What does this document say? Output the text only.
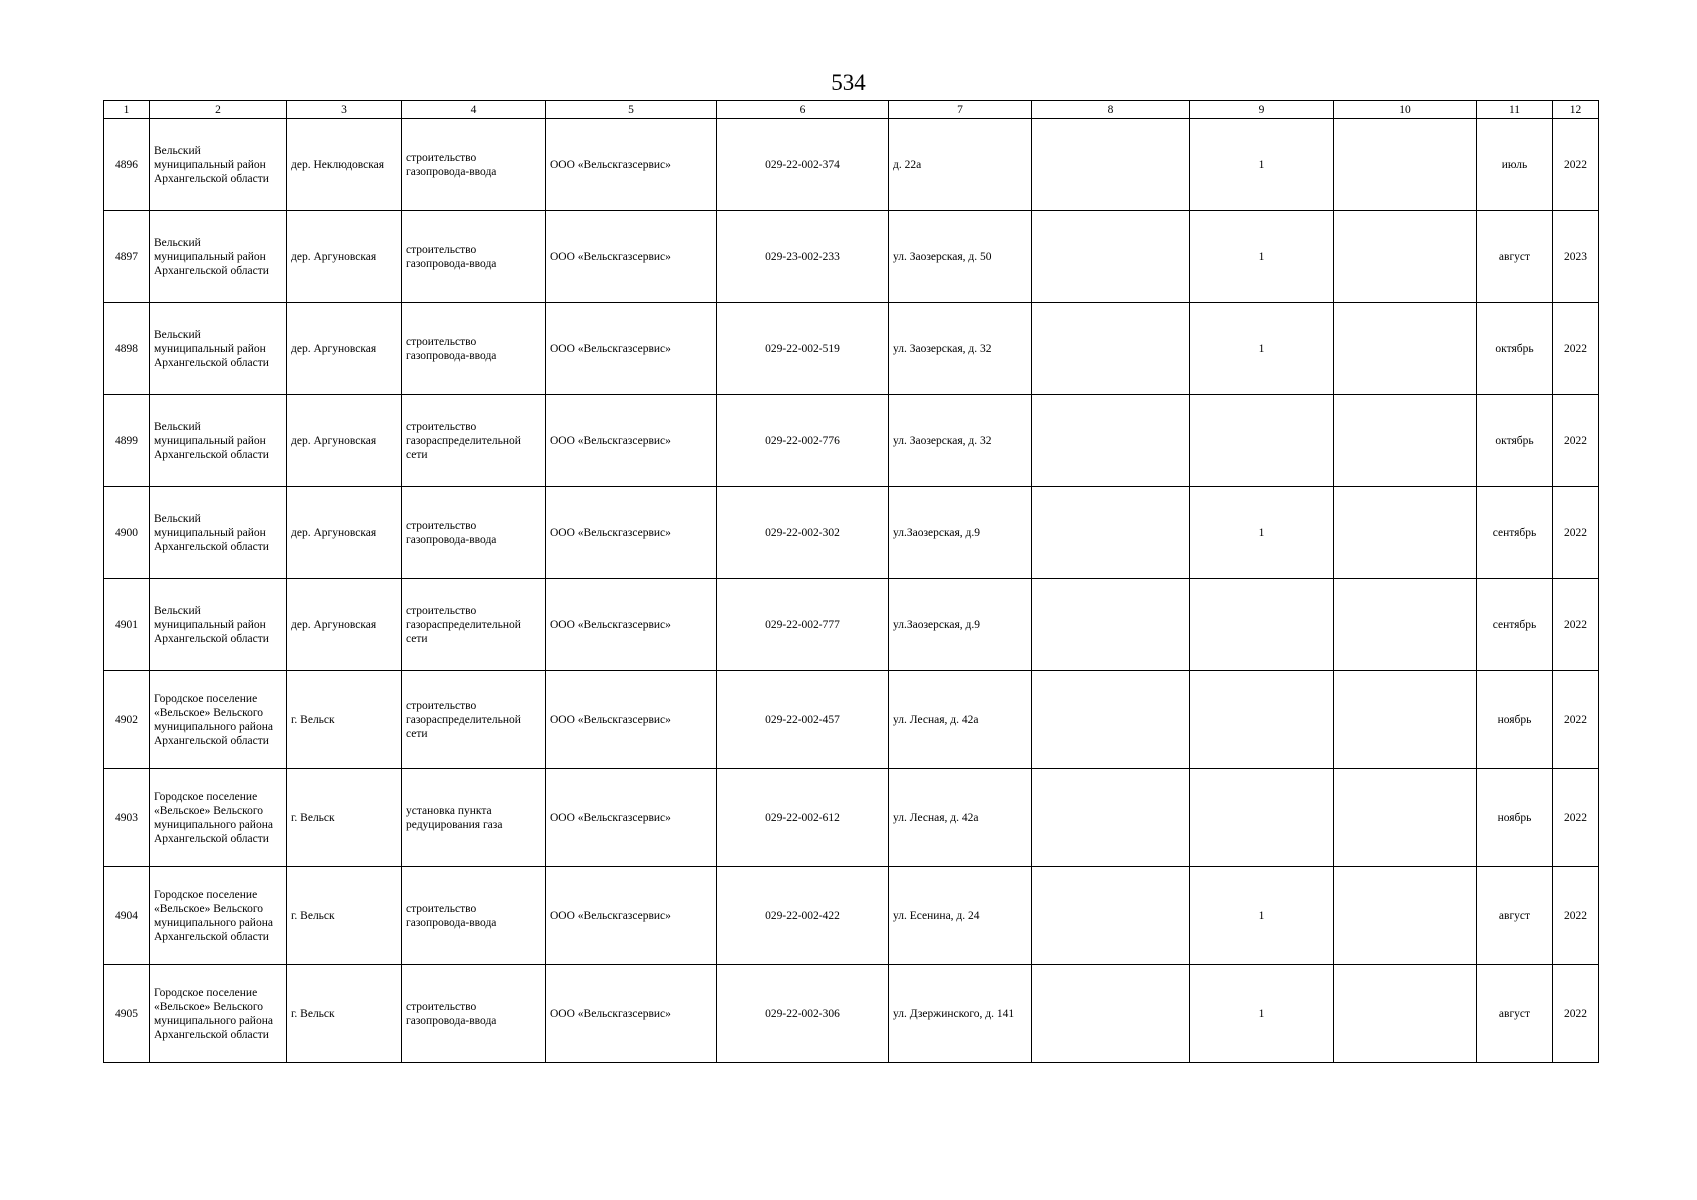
534
1	2	3	4	5	6	7	8	9	10	11	12
4896	Вельский муниципальный район Архангельской области	дер. Неклюдовская	строительство газопровода-ввода	ООО «Вельскгазсервис»	029-22-002-374	д. 22а		1		июль	2022
4897	Вельский муниципальный район Архангельской области	дер. Аргуновская	строительство газопровода-ввода	ООО «Вельскгазсервис»	029-23-002-233	ул. Заозерская, д. 50		1		август	2023
4898	Вельский муниципальный район Архангельской области	дер. Аргуновская	строительство газопровода-ввода	ООО «Вельскгазсервис»	029-22-002-519	ул. Заозерская, д. 32		1		октябрь	2022
4899	Вельский муниципальный район Архангельской области	дер. Аргуновская	строительство газораспределительной сети	ООО «Вельскгазсервис»	029-22-002-776	ул. Заозерская, д. 32				октябрь	2022
4900	Вельский муниципальный район Архангельской области	дер. Аргуновская	строительство газопровода-ввода	ООО «Вельскгазсервис»	029-22-002-302	ул.Заозерская, д.9		1		сентябрь	2022
4901	Вельский муниципальный район Архангельской области	дер. Аргуновская	строительство газораспределительной сети	ООО «Вельскгазсервис»	029-22-002-777	ул.Заозерская, д.9				сентябрь	2022
4902	Городское поселение «Вельское» Вельского муниципального района Архангельской области	г. Вельск	строительство газораспределительной сети	ООО «Вельскгазсервис»	029-22-002-457	ул. Лесная, д. 42а				ноябрь	2022
4903	Городское поселение «Вельское» Вельского муниципального района Архангельской области	г. Вельск	установка пункта редуцирования газа	ООО «Вельскгазсервис»	029-22-002-612	ул. Лесная, д. 42а				ноябрь	2022
4904	Городское поселение «Вельское» Вельского муниципального района Архангельской области	г. Вельск	строительство газопровода-ввода	ООО «Вельскгазсервис»	029-22-002-422	ул. Есенина, д. 24		1		август	2022
4905	Городское поселение «Вельское» Вельского муниципального района Архангельской области	г. Вельск	строительство газопровода-ввода	ООО «Вельскгазсервис»	029-22-002-306	ул. Дзержинского, д. 141		1		август	2022
